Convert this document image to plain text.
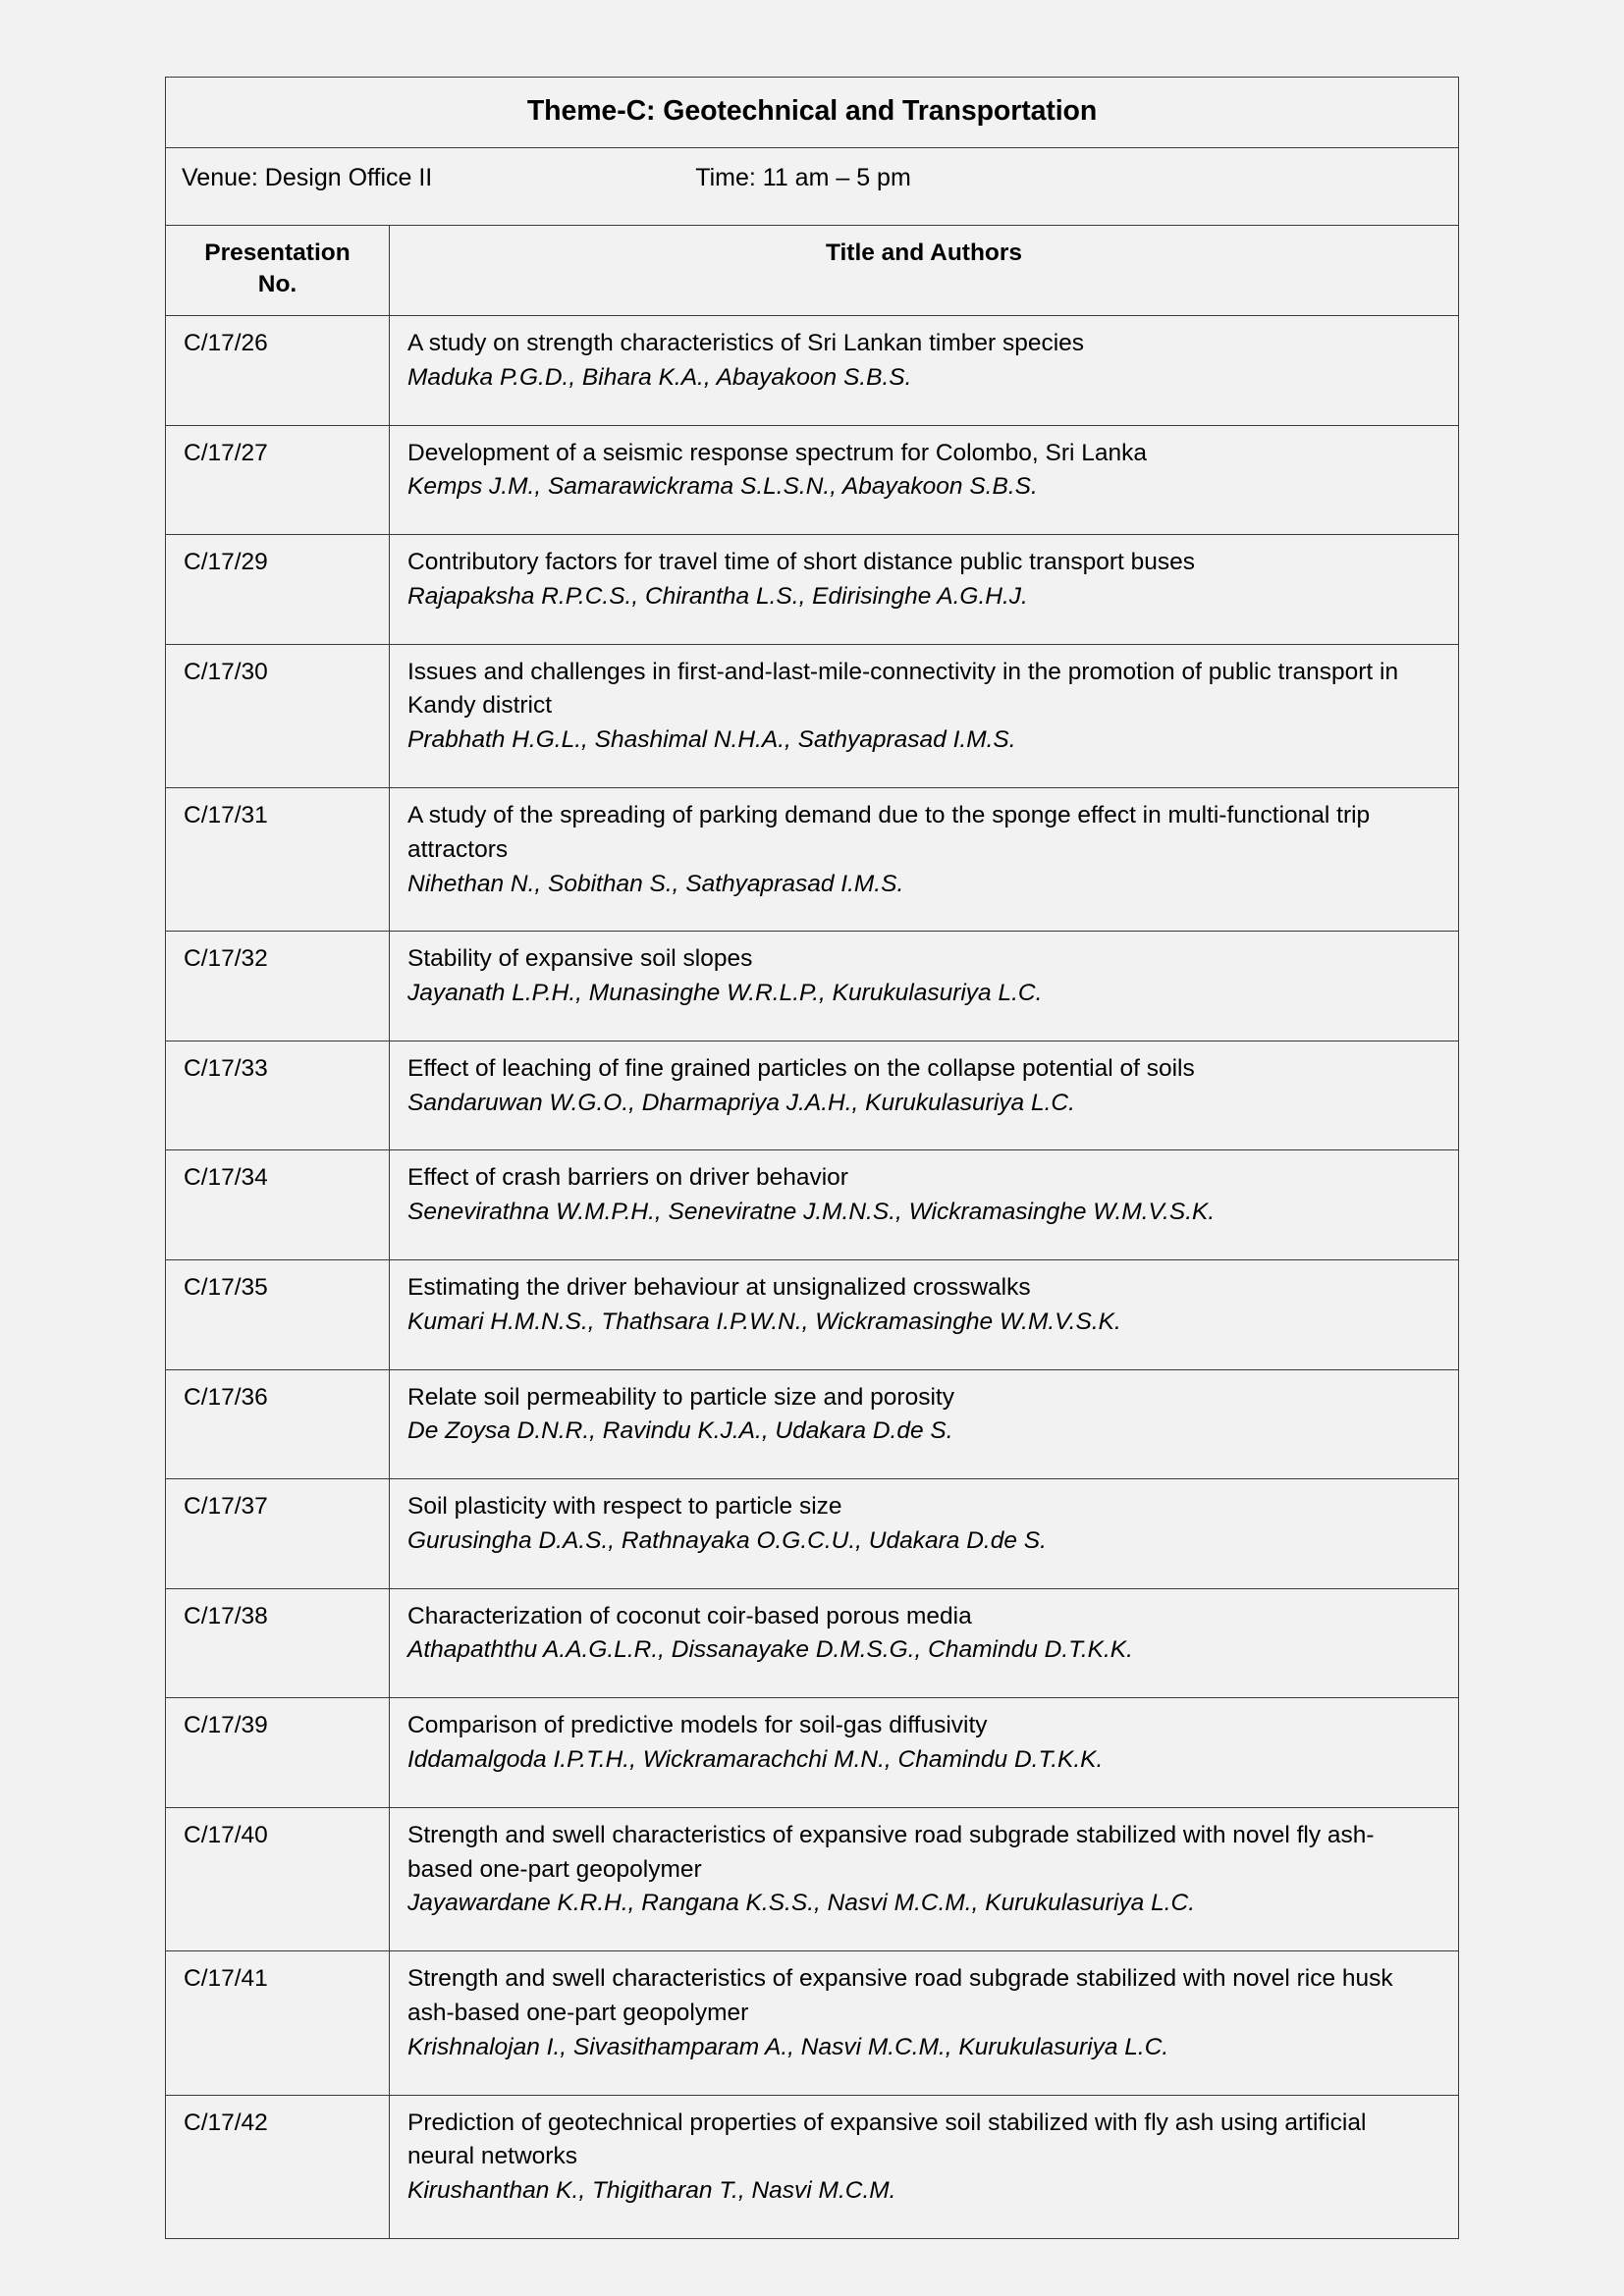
Theme-C: Geotechnical and Transportation	

Venue: Design Office II Time: 11 am – 5 pm	

Presentation
No.	Title and Authors
C/17/26	A study on strength characteristics of Sri Lankan timber species
Maduka P.G.D., Bihara K.A., Abayakoon S.B.S.

C/17/27	Development of a seismic response spectrum for Colombo, Sri Lanka
Kemps J.M., Samarawickrama S.L.S.N., Abayakoon S.B.S.

C/17/29	Contributory factors for travel time of short distance public transport buses
Rajapaksha R.P.C.S., Chirantha L.S., Edirisinghe A.G.H.J.

C/17/30	Issues and challenges in first-and-last-mile-connectivity in the promotion of public transport in Kandy district
Prabhath H.G.L., Shashimal N.H.A., Sathyaprasad I.M.S.

C/17/31	A study of the spreading of parking demand due to the sponge effect in multi-functional trip attractors
Nihethan N., Sobithan S., Sathyaprasad I.M.S.

C/17/32	Stability of expansive soil slopes
Jayanath L.P.H., Munasinghe W.R.L.P., Kurukulasuriya L.C.

C/17/33	Effect of leaching of fine grained particles on the collapse potential of soils
Sandaruwan W.G.O., Dharmapriya J.A.H., Kurukulasuriya L.C.

C/17/34	Effect of crash barriers on driver behavior
Senevirathna W.M.P.H., Seneviratne J.M.N.S., Wickramasinghe W.M.V.S.K.

C/17/35	Estimating the driver behaviour at unsignalized crosswalks
Kumari H.M.N.S., Thathsara I.P.W.N., Wickramasinghe W.M.V.S.K.

C/17/36	Relate soil permeability to particle size and porosity
De Zoysa D.N.R., Ravindu K.J.A., Udakara D.de S.

C/17/37	Soil plasticity with respect to particle size
Gurusingha D.A.S., Rathnayaka O.G.C.U., Udakara D.de S.

C/17/38	Characterization of coconut coir-based porous media
Athapaththu A.A.G.L.R., Dissanayake D.M.S.G., Chamindu D.T.K.K.

C/17/39	Comparison of predictive models for soil-gas diffusivity
Iddamalgoda I.P.T.H., Wickramarachchi M.N., Chamindu D.T.K.K.

C/17/40	Strength and swell characteristics of expansive road subgrade stabilized with novel fly ash-based one-part geopolymer
Jayawardane K.R.H., Rangana K.S.S., Nasvi M.C.M., Kurukulasuriya L.C.

C/17/41	Strength and swell characteristics of expansive road subgrade stabilized with novel rice husk ash-based one-part geopolymer
Krishnalojan I., Sivasithamparam A., Nasvi M.C.M., Kurukulasuriya L.C.

C/17/42	Prediction of geotechnical properties of expansive soil stabilized with fly ash using artificial neural networks
Kirushanthan K., Thigitharan T., Nasvi M.C.M.
